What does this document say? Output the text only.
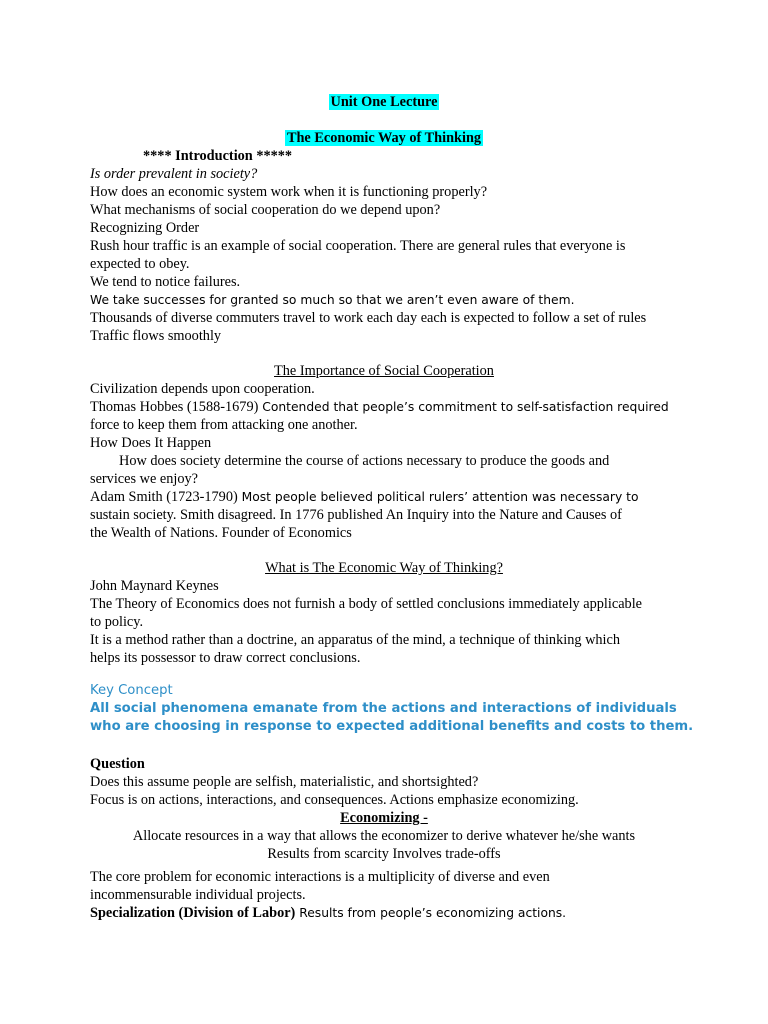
Unit One Lecture
The Economic Way of Thinking
**** Introduction *****
Is order prevalent in society?
How does an economic system work when it is functioning properly?
What mechanisms of social cooperation do we depend upon?
Recognizing Order
Rush hour traffic is an example of social cooperation. There are general rules that everyone is
expected to obey.
We tend to notice failures.
We take successes for granted so much so that we aren’t even aware of them.
Thousands of diverse commuters travel to work each day each is expected to follow a set of rules
Traffic flows smoothly
The Importance of Social Cooperation
Civilization depends upon cooperation.
Thomas Hobbes (1588-1679) Contended that people’s commitment to self-satisfaction required
force to keep them from attacking one another.
How Does It Happen
How does society determine the course of actions necessary to produce the goods and
services we enjoy?
Adam Smith (1723-1790) Most people believed political rulers’ attention was necessary to
sustain society. Smith disagreed. In 1776 published An Inquiry into the Nature and Causes of
the Wealth of Nations. Founder of Economics
What is The Economic Way of Thinking?
John Maynard Keynes
The Theory of Economics does not furnish a body of settled conclusions immediately applicable
to policy.
It is a method rather than a doctrine, an apparatus of the mind, a technique of thinking which
helps its possessor to draw correct conclusions.
Key Concept
All social phenomena emanate from the actions and interactions of individuals
who are choosing in response to expected additional benefits and costs to them.
Question
Does this assume people are selfish, materialistic, and shortsighted?
Focus is on actions, interactions, and consequences. Actions emphasize economizing.
Economizing -
Allocate resources in a way that allows the economizer to derive whatever he/she wants
Results from scarcity Involves trade-offs
The core problem for economic interactions is a multiplicity of diverse and even
incommensurable individual projects.
Specialization (Division of Labor) Results from people’s economizing actions.
